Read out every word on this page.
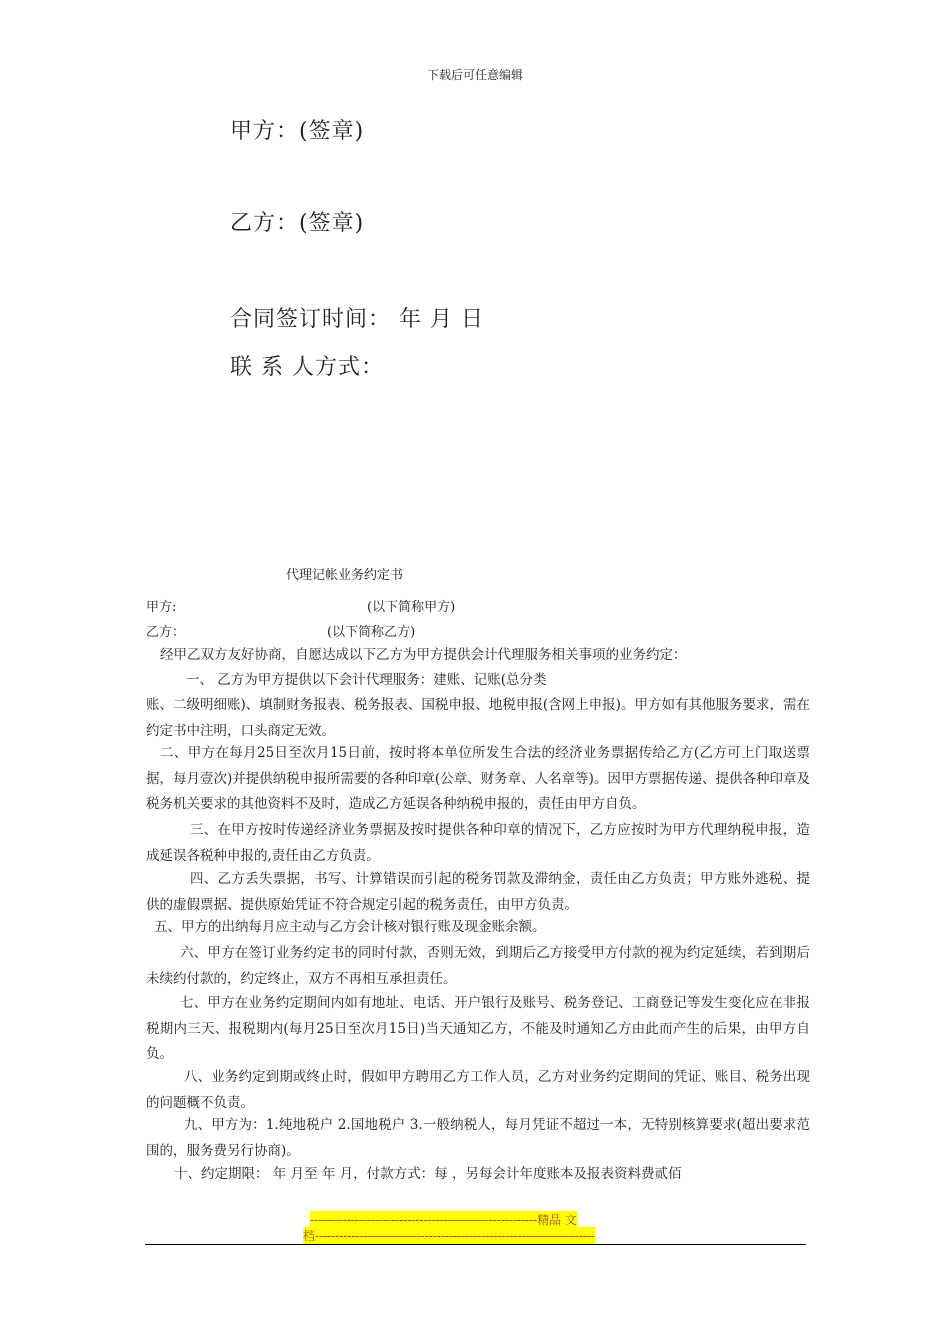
下载后可任意编辑
甲方：(签章)
乙方：(签章)
合同签订时间： 年 月 日
联 系 人方式：
代理记帐业务约定书
甲方:	(以下简称甲方)
乙方：	(以下简称乙方)
经甲乙双方友好协商，自愿达成以下乙方为甲方提供会计代理服务相关事项的业务约定：
一、 乙方为甲方提供以下会计代理服务：建账、记账(总分类
账、二级明细账)、填制财务报表、税务报表、国税申报、地税申报(含网上申报)。甲方如有其他服务要求，需在约定书中注明，口头商定无效。
二、甲方在每月25日至次月15日前，按时将本单位所发生合法的经济业务票据传给乙方(乙方可上门取送票据，每月壹次)并提供纳税申报所需要的各种印章(公章、财务章、人名章等)。因甲方票据传递、提供各种印章及税务机关要求的其他资料不及时，造成乙方延误各种纳税申报的，责任由甲方自负。
三、在甲方按时传递经济业务票据及按时提供各种印章的情况下，乙方应按时为甲方代理纳税申报，造成延误各税种申报的,责任由乙方负责。
四、乙方丢失票据，书写、计算错误而引起的税务罚款及滞纳金，责任由乙方负责；甲方账外逃税、提供的虚假票据、提供原始凭证不符合规定引起的税务责任，由甲方负责。
五、甲方的出纳每月应主动与乙方会计核对银行账及现金账余额。
六、甲方在签订业务约定书的同时付款，否则无效，到期后乙方接受甲方付款的视为约定延续，若到期后未续约付款的，约定终止，双方不再相互承担责任。
七、甲方在业务约定期间内如有地址、电话、开户银行及账号、税务登记、工商登记等发生变化应在非报税期内三天、报税期内(每月25日至次月15日)当天通知乙方，不能及时通知乙方由此而产生的后果，由甲方自负。
八、业务约定到期或终止时，假如甲方聘用乙方工作人员，乙方对业务约定期间的凭证、账目、税务出现的问题概不负责。
九、甲方为：1.纯地税户 2.国地税户 3.一般纳税人，每月凭证不超过一本，无特别核算要求(超出要求范围的，服务费另行协商)。
十、约定期限： 年 月至 年 月，付款方式：每 ，另每会计年度账本及报表资料费贰佰
--------------------------------------------------------精品 文
档---------------------------------------------------------------------
